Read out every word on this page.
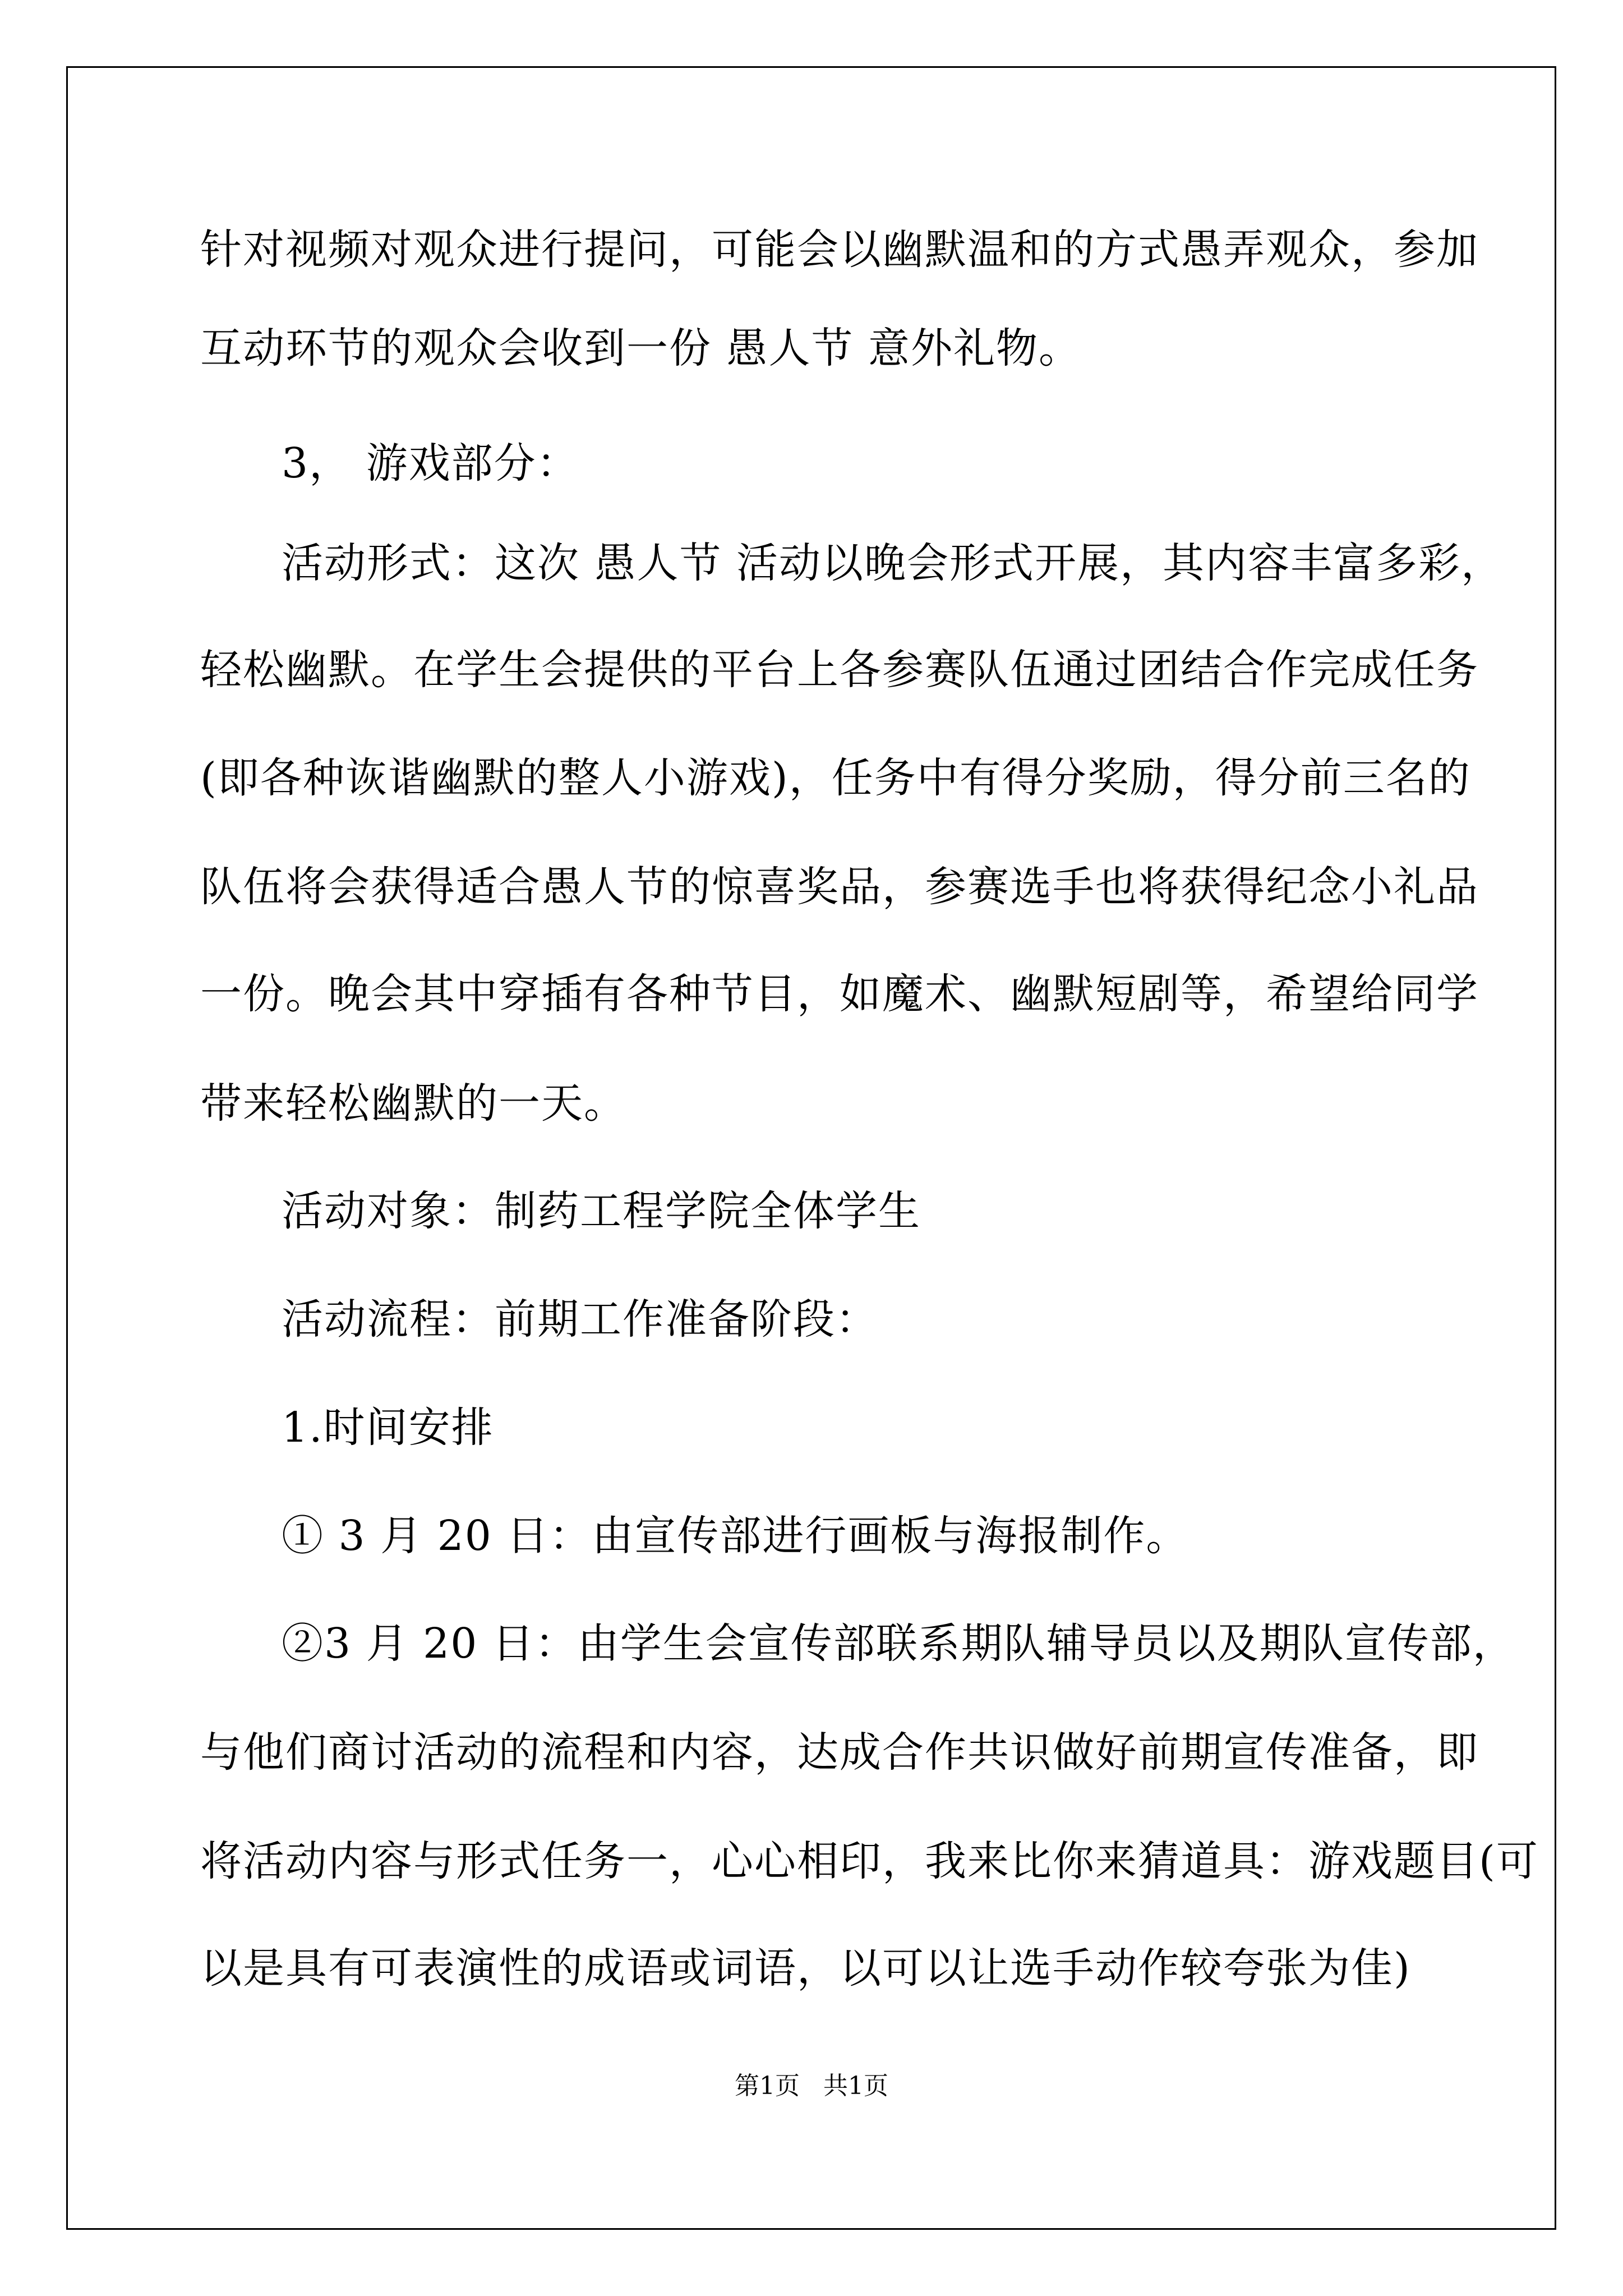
针对视频对观众进行提问，可能会以幽默温和的方式愚弄观众，参加
互动环节的观众会收到一份 愚人节 意外礼物。
3， 游戏部分：
活动形式：这次 愚人节 活动以晚会形式开展，其内容丰富多彩，
轻松幽默。在学生会提供的平台上各参赛队伍通过团结合作完成任务
(即各种诙谐幽默的整人小游戏)，任务中有得分奖励，得分前三名的
队伍将会获得适合愚人节的惊喜奖品，参赛选手也将获得纪念小礼品
一份。晚会其中穿插有各种节目，如魔术、幽默短剧等，希望给同学
带来轻松幽默的一天。
活动对象：制药工程学院全体学生
活动流程：前期工作准备阶段：
1.时间安排
① 3 月 20 日：由宣传部进行画板与海报制作。
②3 月 20 日：由学生会宣传部联系期队辅导员以及期队宣传部，
与他们商讨活动的流程和内容，达成合作共识做好前期宣传准备，即
将活动内容与形式任务一，心心相印，我来比你来猜道具：游戏题目(可
以是具有可表演性的成语或词语，以可以让选手动作较夸张为佳)
第1页   共1页
